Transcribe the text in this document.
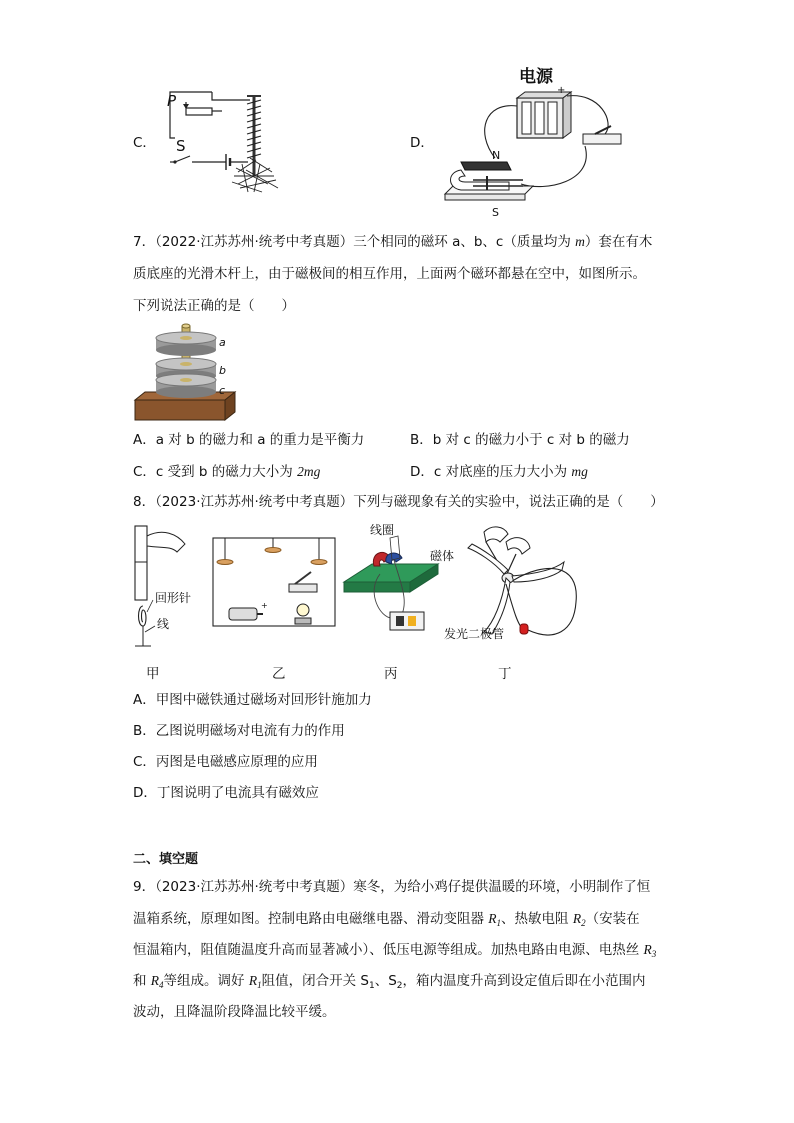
C．
P
S	D．
电源
+
N
S
7．（2022·江苏苏州·统考中考真题）三个相同的磁环 a、b、c（质量均为 m）套在有木
质底座的光滑木杆上，由于磁极间的相互作用，上面两个磁环都悬在空中，如图所示。
下列说法正确的是（　　）
a
b
c
A．a 对 b 的磁力和 a 的重力是平衡力	B．b 对 c 的磁力小于 c 对 b 的磁力
C．c 受到 b 的磁力大小为 2mg	D．c 对底座的压力大小为 mg
8．（2023·江苏苏州·统考中考真题）下列与磁现象有关的实验中，说法正确的是（　　）
回形针
线
+
线圈
磁体
发光二极管
甲	乙	丙	丁
A．甲图中磁铁通过磁场对回形针施加力
B．乙图说明磁场对电流有力的作用
C．丙图是电磁感应原理的应用
D．丁图说明了电流具有磁效应
二、填空题
9．（2023·江苏苏州·统考中考真题）寒冬，为给小鸡仔提供温暖的环境，小明制作了恒
温箱系统，原理如图。控制电路由电磁继电器、滑动变阻器 $R_1$、热敏电阻 $R_2$（安装在
恒温箱内，阻值随温度升高而显著减小）、低压电源等组成。加热电路由电源、电热丝 $R_3$
和 $R_4$等组成。调好 $R_1$阻值，闭合开关 $S_1$、$S_2$，箱内温度升高到设定值后即在小范围内
波动，且降温阶段降温比较平缓。
